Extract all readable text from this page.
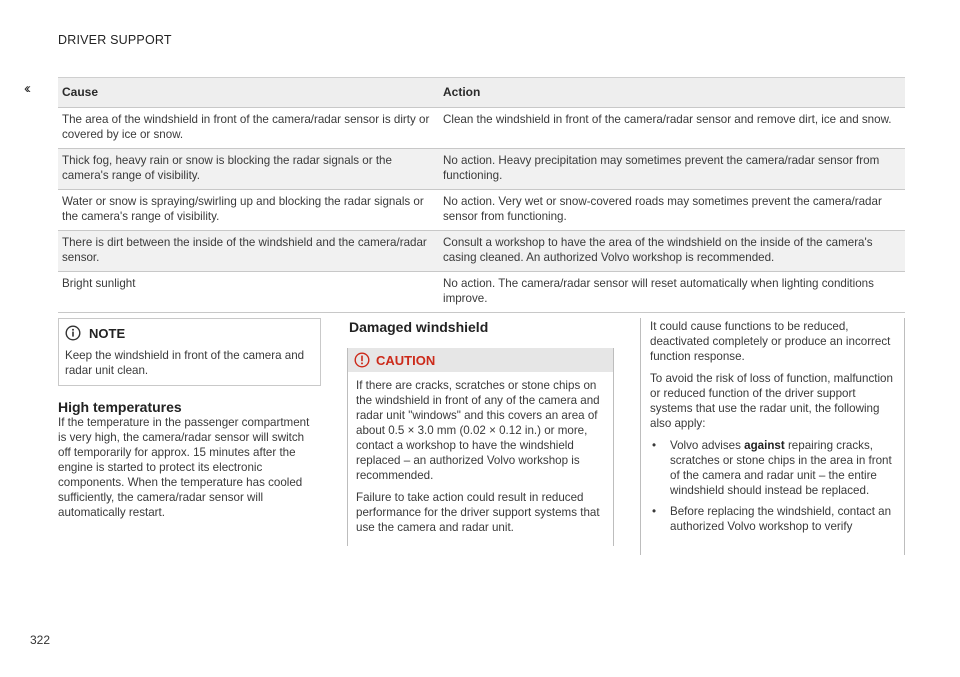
DRIVER SUPPORT
‹‹	Cause	Action
The area of the windshield in front of the camera/radar sensor is dirty or covered by ice or snow.	Clean the windshield in front of the camera/radar sensor and remove dirt, ice and snow.
Thick fog, heavy rain or snow is blocking the radar signals or the camera's range of visibility.	No action. Heavy precipitation may sometimes prevent the camera/radar sensor from functioning.
Water or snow is spraying/swirling up and blocking the radar signals or the camera's range of visibility.	No action. Very wet or snow-covered roads may sometimes prevent the camera/radar sensor from functioning.
There is dirt between the inside of the windshield and the camera/radar sensor.	Consult a workshop to have the area of the windshield on the inside of the camera's casing cleaned. An authorized Volvo workshop is recommended.
Bright sunlight	No action. The camera/radar sensor will reset automatically when lighting conditions improve.
NOTE
Keep the windshield in front of the camera and radar unit clean.
High temperatures
If the temperature in the passenger compartment is very high, the camera/radar sensor will switch off temporarily for approx. 15 minutes after the engine is started to protect its electronic components. When the temperature has cooled sufficiently, the camera/radar sensor will automatically restart.
Damaged windshield
CAUTION

If there are cracks, scratches or stone chips on the windshield in front of any of the camera and radar unit "windows" and this covers an area of about 0.5 × 3.0 mm (0.02 × 0.12 in.) or more, contact a workshop to have the windshield replaced – an authorized Volvo workshop is recommended.

Failure to take action could result in reduced performance for the driver support systems that use the camera and radar unit.

It could cause functions to be reduced, deactivated completely or produce an incorrect function response.

To avoid the risk of loss of function, malfunction or reduced function of the driver support systems that use the radar unit, the following also apply:

• Volvo advises against repairing cracks, scratches or stone chips in the area in front of the camera and radar unit – the entire windshield should instead be replaced.
• Before replacing the windshield, contact an authorized Volvo workshop to verify
322
